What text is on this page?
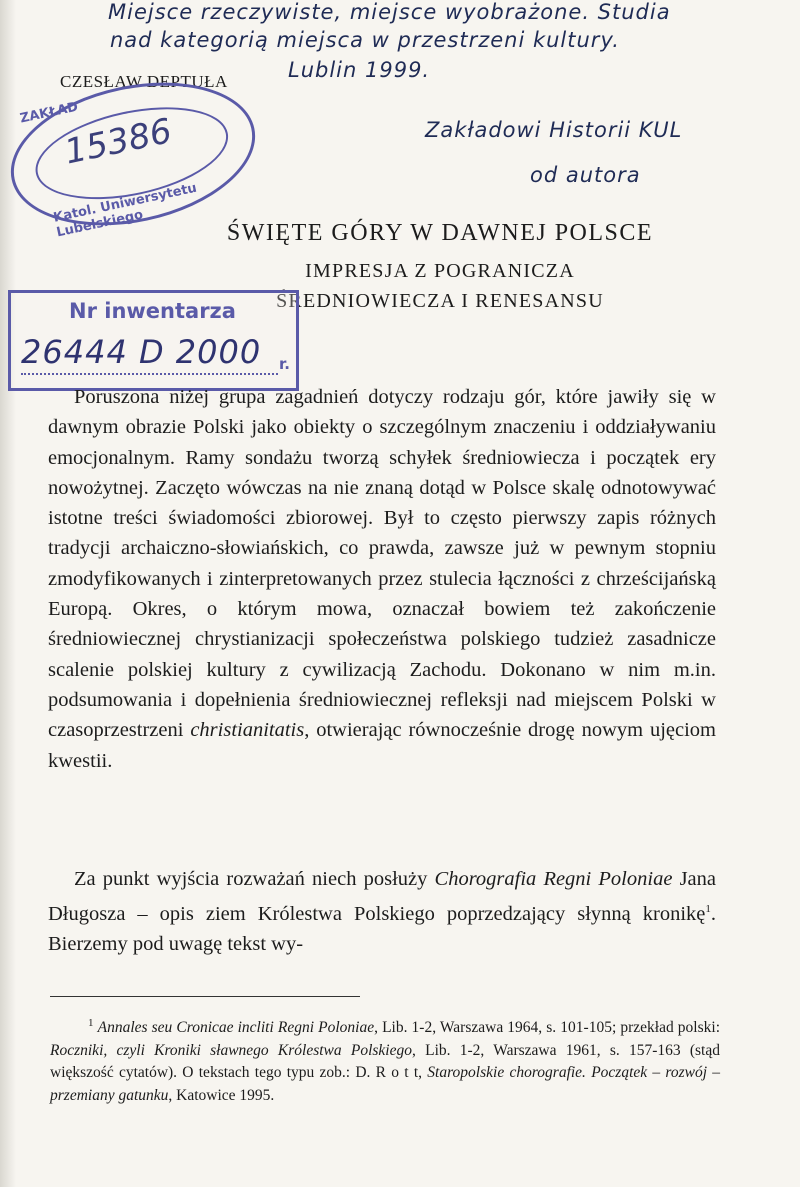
Miejsce rzeczywiste, miejsce wyobrażone. Studia
nad kategorią miejsca w przestrzeni kultury.
Lublin 1999.
Zakładowi Historii KUL
od autora
CZESŁAW DEPTUŁA
ZAKŁAD
15386
Katol. Uniwersytetu Lubelskiego	ŚWIĘTE GÓRY W DAWNEJ POLSCE
IMPRESJA Z POGRANICZA
ŚREDNIOWIECZA I RENESANSU
Nr inwentarza
26444 D 2000 r.

Poruszona niżej grupa zagadnień dotyczy rodzaju gór, które jawiły się w dawnym obrazie Polski jako obiekty o szczególnym znaczeniu i oddziaływaniu emocjonalnym. Ramy sondażu tworzą schyłek średniowiecza i początek ery nowożytnej. Zaczęto wówczas na nie znaną dotąd w Polsce skalę odnotowywać istotne treści świadomości zbiorowej. Był to często pierwszy zapis różnych tradycji archaiczno-słowiańskich, co prawda, zawsze już w pewnym stopniu zmodyfikowanych i zinterpretowanych przez stulecia łączności z chrześcijańską Europą. Okres, o którym mowa, oznaczał bowiem też zakończenie średniowiecznej chrystianizacji społeczeństwa polskiego tudzież zasadnicze scalenie polskiej kultury z cywilizacją Zachodu. Dokonano w nim m.in. podsumowania i dopełnienia średniowiecznej refleksji nad miejscem Polski w czasoprzestrzeni christianitatis, otwierając równocześnie drogę nowym ujęciom kwestii.

Za punkt wyjścia rozważań niech posłuży Chorografia Regni Poloniae Jana Długosza – opis ziem Królestwa Polskiego poprzedzający słynną kronikę$^1$. Bierzemy pod uwagę tekst wy-

$^1$ Annales seu Cronicae incliti Regni Poloniae, Lib. 1-2, Warszawa 1964, s. 101-105; przekład polski: Roczniki, czyli Kroniki sławnego Królestwa Polskiego, Lib. 1-2, Warszawa 1961, s. 157-163 (stąd większość cytatów). O tekstach tego typu zob.: D. R o t t, Staropolskie chorografie. Początek – rozwój – przemiany gatunku, Katowice 1995.
